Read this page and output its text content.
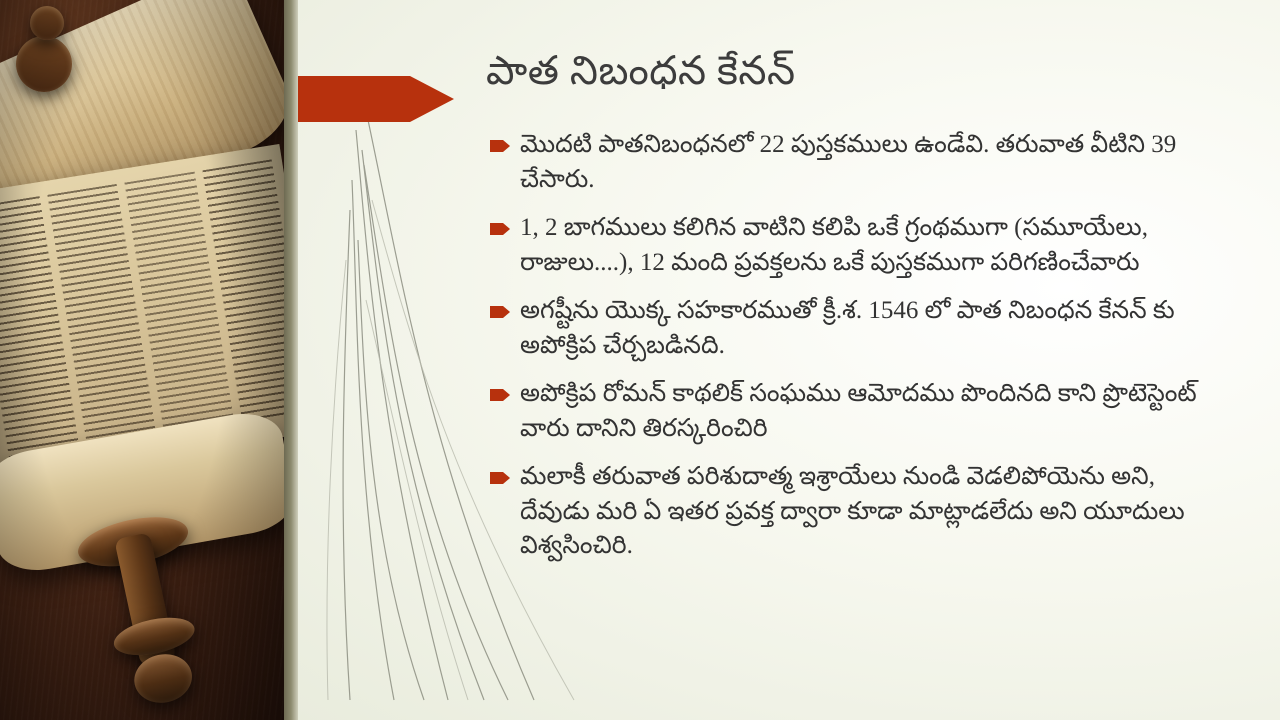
పాత నిబంధన కేనన్
మొదటి పాతనిబంధనలో 22 పుస్తకములు ఉండేవి. తరువాత వీటిని 39 చేసారు.
1, 2 బాగములు కలిగిన వాటిని కలిపి ఒకే గ్రంథముగా (సమూయేలు, రాజులు....), 12 మంది ప్రవక్తలను ఒకే పుస్తకముగా పరిగణించేవారు
అగష్టీను యొక్క సహకారముతో క్రీ.శ. 1546 లో పాత నిబంధన కేనన్ కు అపోక్రిప చేర్చబడినది.
అపోక్రిప రోమన్ కాథలిక్ సంఘము ఆమోదము పొందినది కాని ప్రొటెస్టెంట్ వారు దానిని తిరస్కరించిరి
మలాకీ తరువాత పరిశుదాత్మ ఇశ్రాయేలు నుండి వెడలిపోయెను అని, దేవుడు మరి ఏ ఇతర ప్రవక్త ద్వారా కూడా మాట్లాడలేదు అని యూదులు విశ్వసించిరి.
